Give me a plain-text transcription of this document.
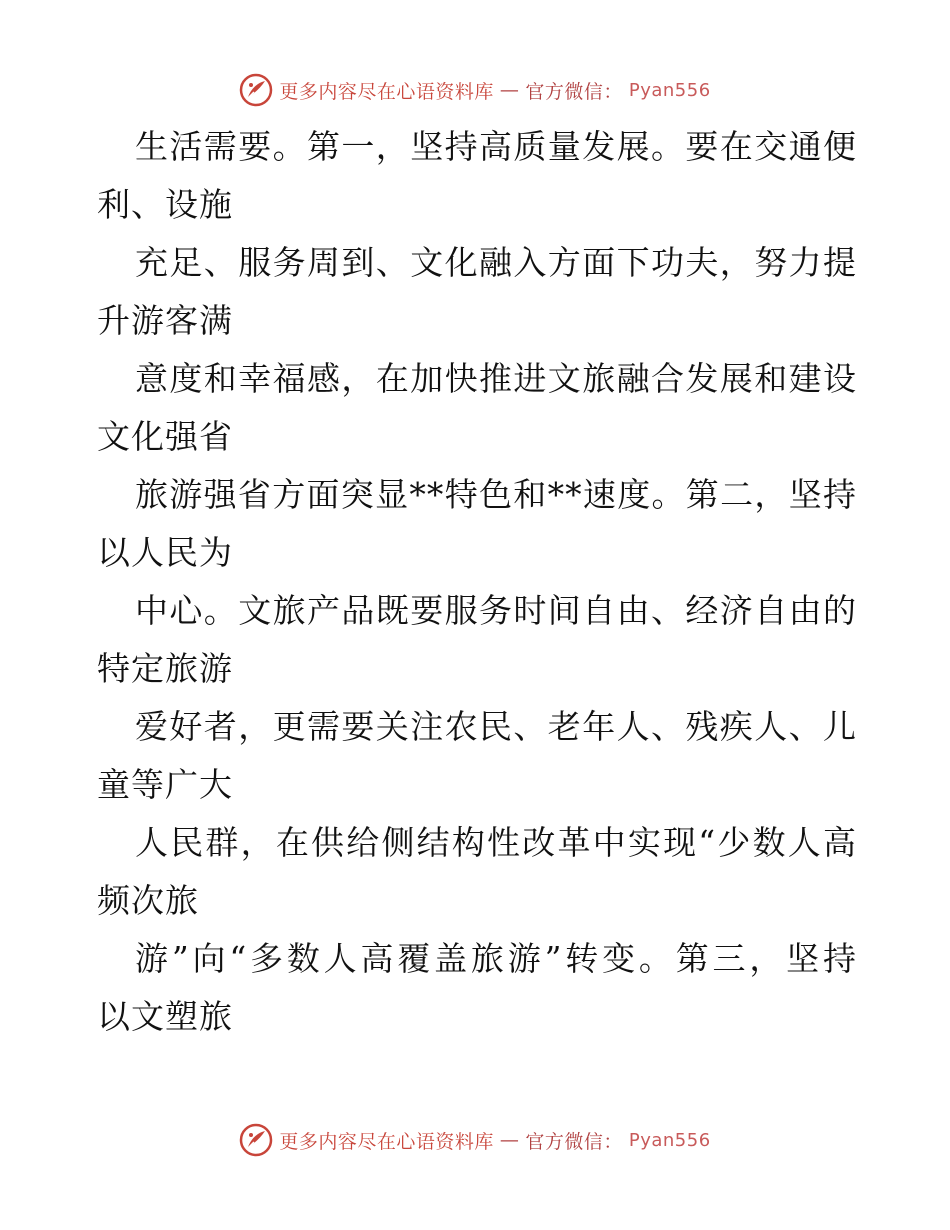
更多内容尽在心语资料库 — 官方微信： Pyan556

生活需要。第一，坚持高质量发展。要在交通便
利、设施

充足、服务周到、文化融入方面下功夫，努力提
升游客满

意度和幸福感，在加快推进文旅融合发展和建设
文化强省

旅游强省方面突显**特色和**速度。第二，坚持
以人民为

中心。文旅产品既要服务时间自由、经济自由的
特定旅游

爱好者，更需要关注农民、老年人、残疾人、儿
童等广大

人民群，在供给侧结构性改革中实现“少数人高
频次旅

游”向“多数人高覆盖旅游”转变。第三，坚持
以文塑旅

更多内容尽在心语资料库 — 官方微信： Pyan556
